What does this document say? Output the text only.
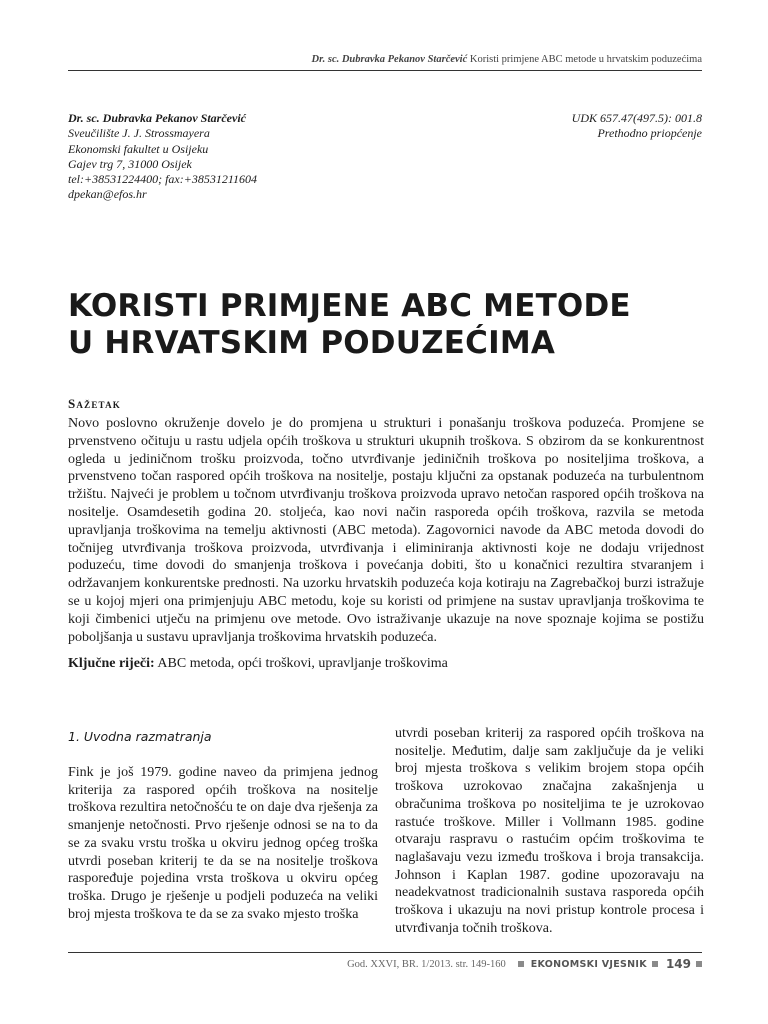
Dr. sc. Dubravka Pekanov Starčević Koristi primjene ABC metode u hrvatskim poduzećima
Dr. sc. Dubravka Pekanov Starčević
Sveučilište J. J. Strossmayera
Ekonomski fakultet u Osijeku
Gajev trg 7, 31000 Osijek
tel:+38531224400; fax:+38531211604
dpekan@efos.hr
UDK 657.47(497.5): 001.8
Prethodno priopćenje
KORISTI PRIMJENE ABC METODE
U HRVATSKIM PODUZEĆIMA
Sažetak

Novo poslovno okruženje dovelo je do promjena u strukturi i ponašanju troškova poduzeća. Promjene se prvenstveno očituju u rastu udjela općih troškova u strukturi ukupnih troškova. S obzirom da se konkurentnost ogleda u jediničnom trošku proizvoda, točno utvrđivanje jediničnih troškova po nositeljima troškova, a prvenstveno točan raspored općih troškova na nositelje, postaju ključni za opstanak poduzeća na turbulentnom tržištu. Najveći je problem u točnom utvrđivanju troškova proizvoda upravo netočan raspored općih troškova na nositelje. Osamdesetih godina 20. stoljeća, kao novi način rasporeda općih troškova, razvila se metoda upravljanja troškovima na temelju aktivnosti (ABC metoda). Zagovornici navode da ABC metoda dovodi do točnijeg utvrđivanja troškova proizvoda, utvrđivanja i eliminiranja aktivnosti koje ne dodaju vrijednost poduzeću, time dovodi do smanjenja troškova i povećanja dobiti, što u konačnici rezultira stvaranjem i održavanjem konkurentske prednosti. Na uzorku hrvatskih poduzeća koja kotiraju na Zagrebačkoj burzi istražuje se u kojoj mjeri ona primjenjuju ABC metodu, koje su koristi od primjene na sustav upravljanja troškovima te koji čimbenici utječu na primjenu ove metode. Ovo istraživanje ukazuje na nove spoznaje kojima se postižu poboljšanja u sustavu upravljanja troškovima hrvatskih poduzeća.

Ključne riječi: ABC metoda, opći troškovi, upravljanje troškovima
1. Uvodna razmatranja

Fink je još 1979. godine naveo da primjena jednog kriterija za raspored općih troškova na nositelje troškova rezultira netočnošću te on daje dva rješenja za smanjenje netočnosti. Prvo rješenje odnosi se na to da se za svaku vrstu troška u okviru jednog općeg troška utvrdi poseban kriterij te da se na nositelje troškova raspoređuje pojedina vrsta troškova u okviru općeg troška. Drugo je rješenje u podjeli poduzeća na veliki broj mjesta troškova te da se za svako mjesto troška

utvrdi poseban kriterij za raspored općih troškova na nositelje. Međutim, dalje sam zaključuje da je veliki broj mjesta troškova s velikim brojem stopa općih troškova uzrokovao značajna zakašnjenja u obračunima troškova po nositeljima te je uzrokovao rastuće troškove. Miller i Vollmann 1985. godine otvaraju raspravu o rastućim općim troškovima te naglašavaju vezu između troškova i broja transakcija. Johnson i Kaplan 1987. godine upozoravaju na neadekvatnost tradicionalnih sustava rasporeda općih troškova i ukazuju na novi pristup kontrole procesa i utvrđivanja točnih troškova.

God. XXVI, BR. 1/2013. str. 149-160	EKONOMSKI VJESNIK 149
